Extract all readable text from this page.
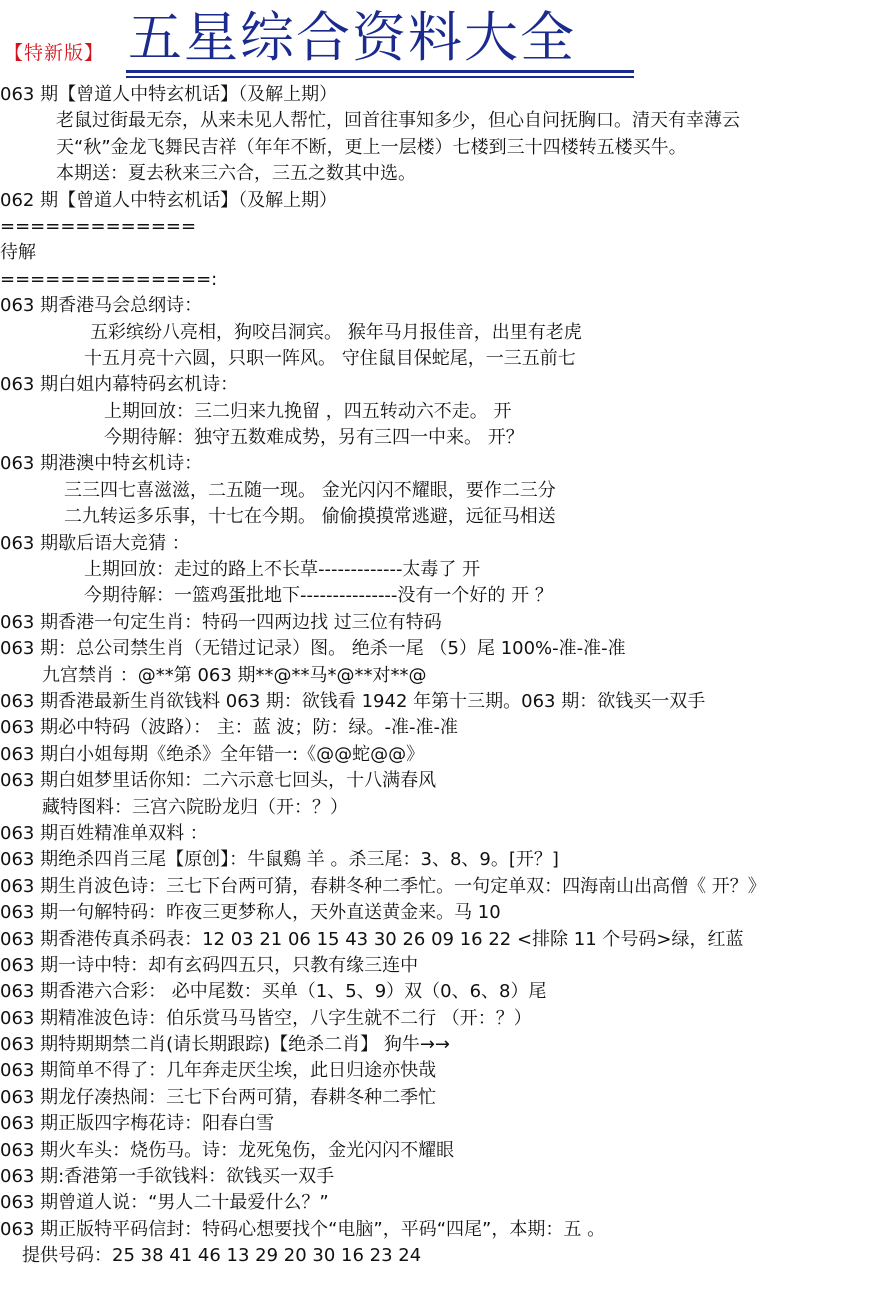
【特新版】 五星综合资料大全
063 期【曾道人中特玄机话】（及解上期）
老鼠过街最无奈，从来未见人帮忙，回首往事知多少，但心自问抚胸口。清天有幸薄云
天“秋”金龙飞舞民吉祥（年年不断，更上一层楼）七楼到三十四楼转五楼买牛。
本期送：夏去秋来三六合，三五之数其中选。
062 期【曾道人中特玄机话】（及解上期）
=============
待解
==============:
063 期香港马会总纲诗：
五彩缤纷八亮相，狗咬吕洞宾。 猴年马月报佳音，出里有老虎
十五月亮十六圆，只职一阵风。 守住鼠目保蛇尾，一三五前七
063 期白姐内幕特码玄机诗：
上期回放：三二归来九挽留 ，四五转动六不走。 开
今期待解：独守五数难成势，另有三四一中来。 开？
063 期港澳中特玄机诗：
三三四七喜滋滋，二五随一现。 金光闪闪不耀眼，要作二三分
二九转运多乐事，十七在今期。 偷偷摸摸常逃避，远征马相送
063 期歇后语大竞猜 ：
上期回放：走过的路上不长草-------------太毒了 开
今期待解：一篮鸡蛋批地下---------------没有一个好的 开 ？
063 期香港一句定生肖：特码一四两边找 过三位有特码
063 期：总公司禁生肖（无错过记录）图。 绝杀一尾 （5）尾 100%-准-准-准
九宫禁肖 ：@**第 063 期**@**马*@**对**@
063 期香港最新生肖欲钱料 063 期：欲钱看 1942 年第十三期。063 期：欲钱买一双手
063 期必中特码（波路）： 主：蓝 波；防：绿。-准-准-准
063 期白小姐每期《绝杀》全年错一:《@@蛇@@》
063 期白姐梦里话你知：二六示意七回头，十八满春风
藏特图料：三宫六院盼龙归（开：？）
063 期百姓精准单双料 ：
063 期绝杀四肖三尾【原创】：牛鼠鷄 羊 。杀三尾：3、8、9。[开？]
063 期生肖波色诗：三七下台两可猜，春耕冬种二季忙。一句定单双：四海南山出高僧《 开？》
063 期一句解特码：昨夜三更梦称人，天外直送黄金来。马 10
063 期香港传真杀码表：12 03 21 06 15 43 30 26 09 16 22 <排除 11 个号码>绿，红蓝
063 期一诗中特：却有玄码四五只，只教有缘三连中
063 期香港六合彩： 必中尾数：买单（1、5、9）双（0、6、8）尾
063 期精准波色诗：伯乐赏马马皆空，八字生就不二行 （开：？）
063 期特期期禁二肖(请长期跟踪)【绝杀二肖】 狗牛→→
063 期简单不得了：几年奔走厌尘埃，此日归途亦快哉
063 期龙仔凑热闹：三七下台两可猜，春耕冬种二季忙
063 期正版四字梅花诗：阳春白雪
063 期火车头：烧伤马。诗：龙死兔伤，金光闪闪不耀眼
063 期:香港第一手欲钱料：欲钱买一双手
063 期曾道人说：“男人二十最爱什么？”
063 期正版特平码信封：特码心想要找个“电脑”，平码“四尾”，本期：五 。
提供号码：25 38 41 46 13 29 20 30 16 23 24
